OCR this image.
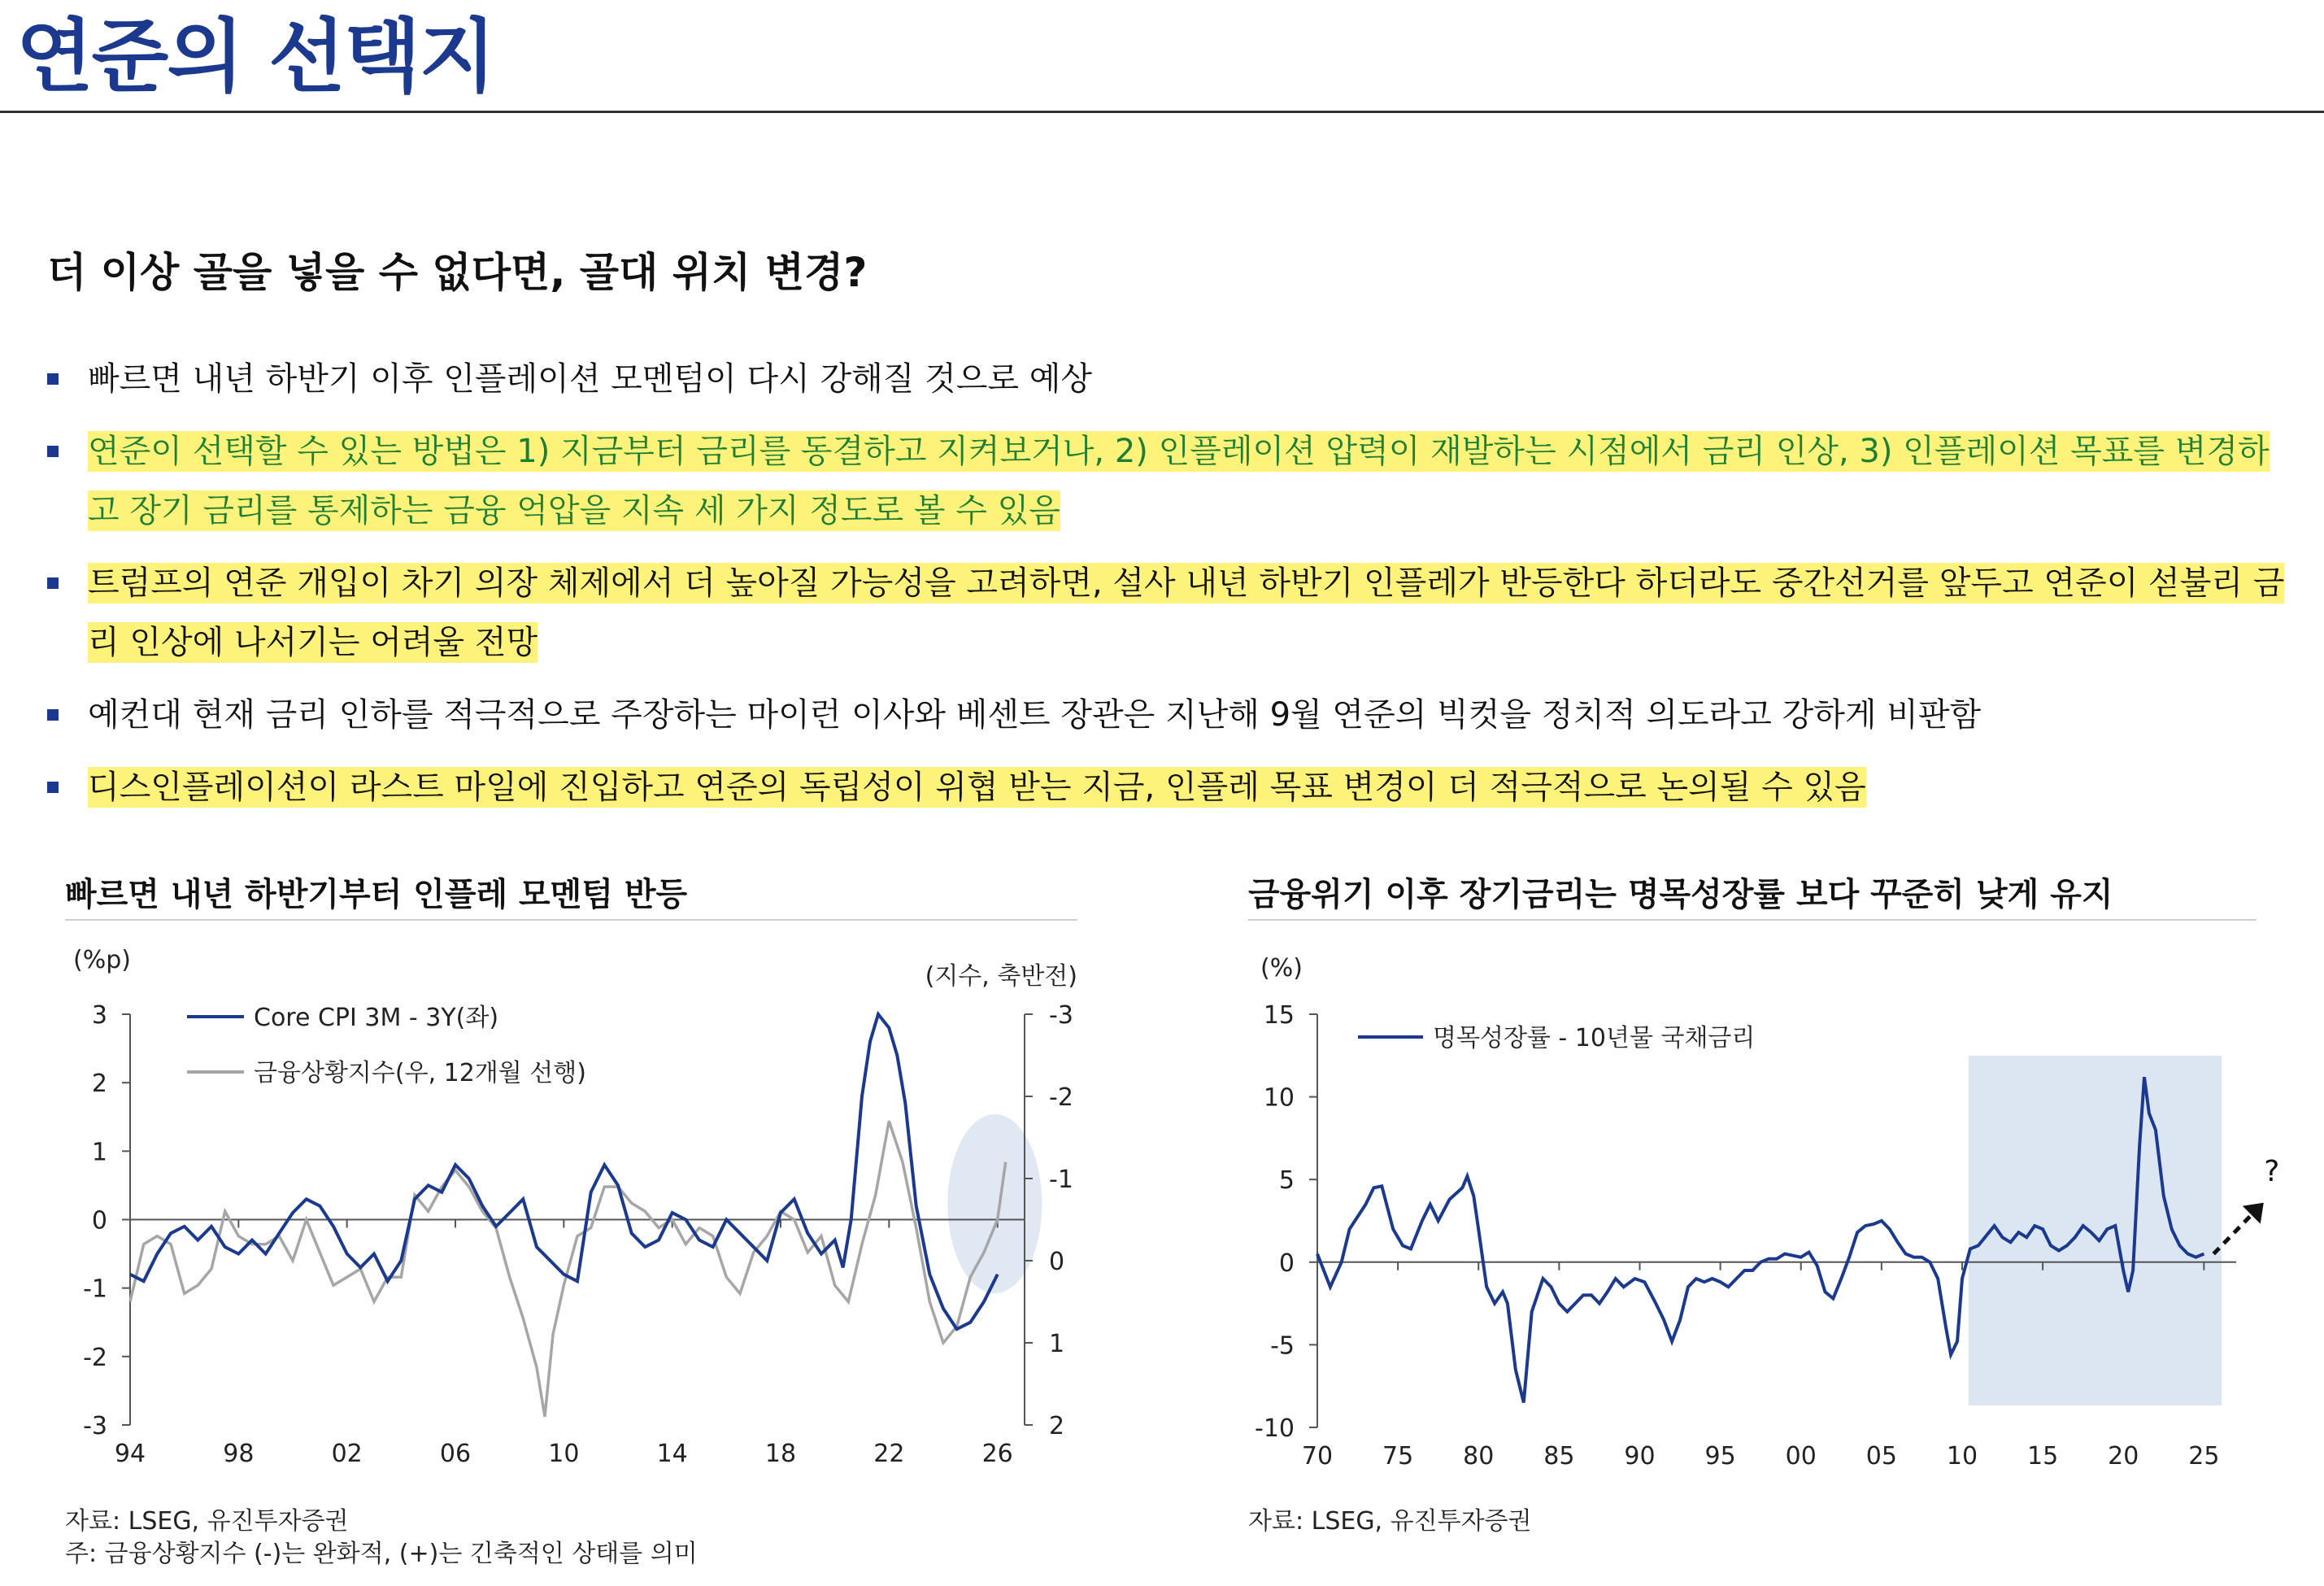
연준의 선택지
더 이상 골을 넣을 수 없다면, 골대 위치 변경?
빠르면 내년 하반기 이후 인플레이션 모멘텀이 다시 강해질 것으로 예상
연준이 선택할 수 있는 방법은 1) 지금부터 금리를 동결하고 지켜보거나, 2) 인플레이션 압력이 재발하는 시점에서 금리 인상, 3) 인플레이션 목표를 변경하고 장기 금리를 통제하는 금융 억압을 지속 세 가지 정도로 볼 수 있음
트럼프의 연준 개입이 차기 의장 체제에서 더 높아질 가능성을 고려하면, 설사 내년 하반기 인플레가 반등한다 하더라도 중간선거를 앞두고 연준이 섣불리 금리 인상에 나서기는 어려울 전망
예컨대 현재 금리 인하를 적극적으로 주장하는 마이런 이사와 베센트 장관은 지난해 9월 연준의 빅컷을 정치적 의도라고 강하게 비판함
디스인플레이션이 라스트 마일에 진입하고 연준의 독립성이 위협 받는 지금, 인플레 목표 변경이 더 적극적으로 논의될 수 있음
빠르면 내년 하반기부터 인플레 모멘텀 반등
3
2
1
0
-1
-2
-3
-3
-2
-1
0
1
2
94	98	02	06	10	14	18	22	26
(%p)
(지수, 축반전)
Core CPI 3M - 3Y(좌)
금융상황지수(우, 12개월 선행)
자료: LSEG, 유진투자증권
주: 금융상황지수 (-)는 완화적, (+)는 긴축적인 상태를 의미
금융위기 이후 장기금리는 명목성장률 보다 꾸준히 낮게 유지
15
10
5
0
-5
-10
70 75 80 85 90 95 00 05 10 15 20 25
(%)
명목성장률 - 10년물 국채금리
?
자료: LSEG, 유진투자증권
